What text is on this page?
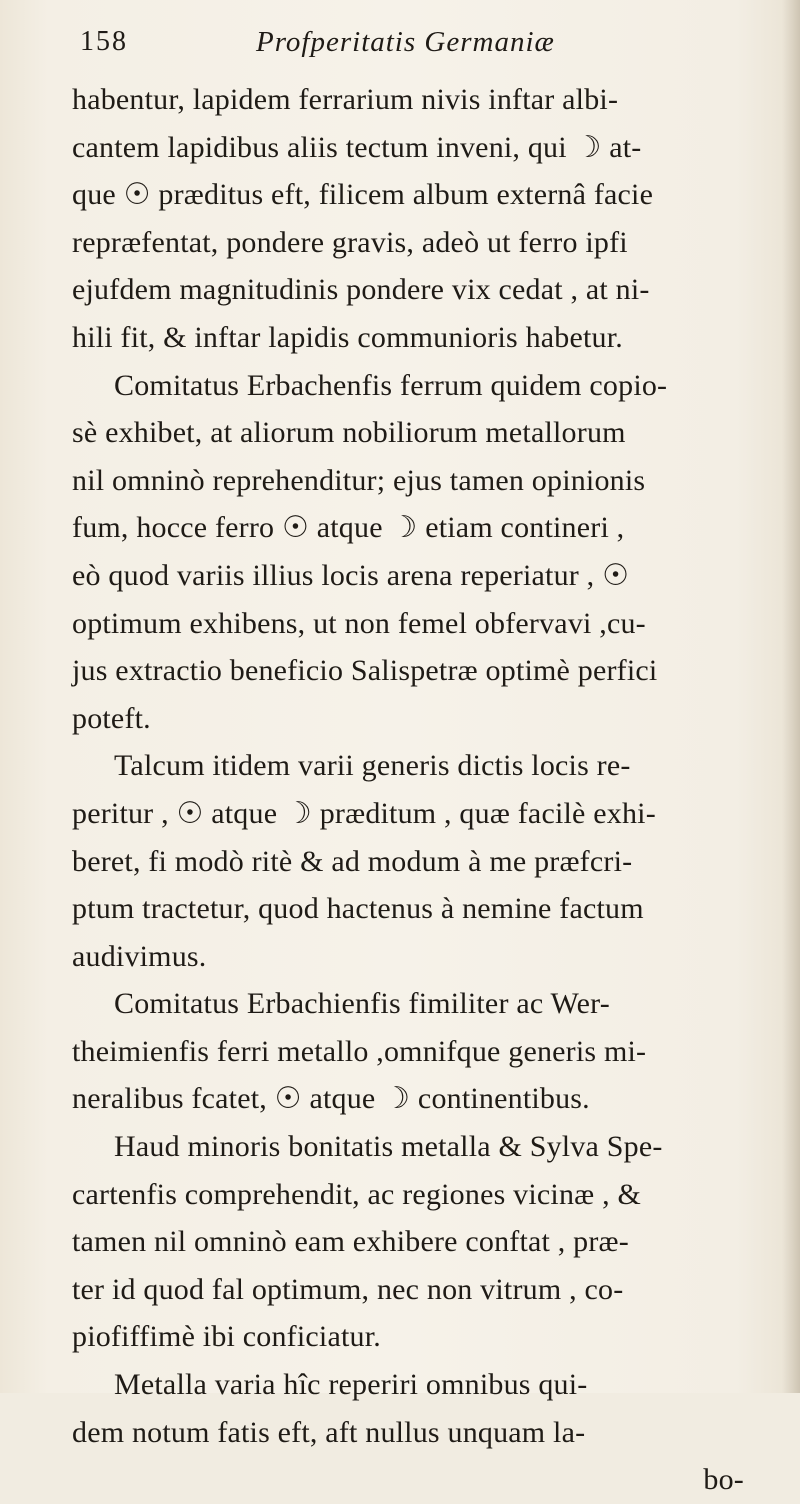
158	Profperitatis Germaniæ
habentur, lapidem ferrarium nivis inftar albi-
cantem lapidibus aliis tectum inveni, qui ☽ at-
que ☉ præditus eft, filicem album externâ facie
repræfentat, pondere gravis, adeò ut ferro ipfi
ejufdem magnitudinis pondere vix cedat , at ni-
hili fit, & inftar lapidis communioris habetur.
Comitatus Erbachenfis ferrum quidem copio-
sè exhibet, at aliorum nobiliorum metallorum
nil omninò reprehenditur; ejus tamen opinionis
fum, hocce ferro ☉ atque ☽ etiam contineri ,
eò quod variis illius locis arena reperiatur , ☉
optimum exhibens, ut non femel obfervavi ,cu-
jus extractio beneficio Salispetræ optimè perfici
poteft.
Talcum itidem varii generis dictis locis re-
peritur , ☉ atque ☽ præditum , quæ facilè exhi-
beret, fi modò ritè & ad modum à me præfcri-
ptum tractetur, quod hactenus à nemine factum
audivimus.
Comitatus Erbachienfis fimiliter ac Wer-
theimienfis ferri metallo ,omnifque generis mi-
neralibus fcatet, ☉ atque ☽ continentibus.
Haud minoris bonitatis metalla & Sylva Spe-
cartenfis comprehendit, ac regiones vicinæ , &
tamen nil omninò eam exhibere conftat , præ-
ter id quod fal optimum, nec non vitrum , co-
piofiffimè ibi conficiatur.
Metalla varia hîc reperiri omnibus qui-
dem notum fatis eft, aft nullus unquam la-
bo-
